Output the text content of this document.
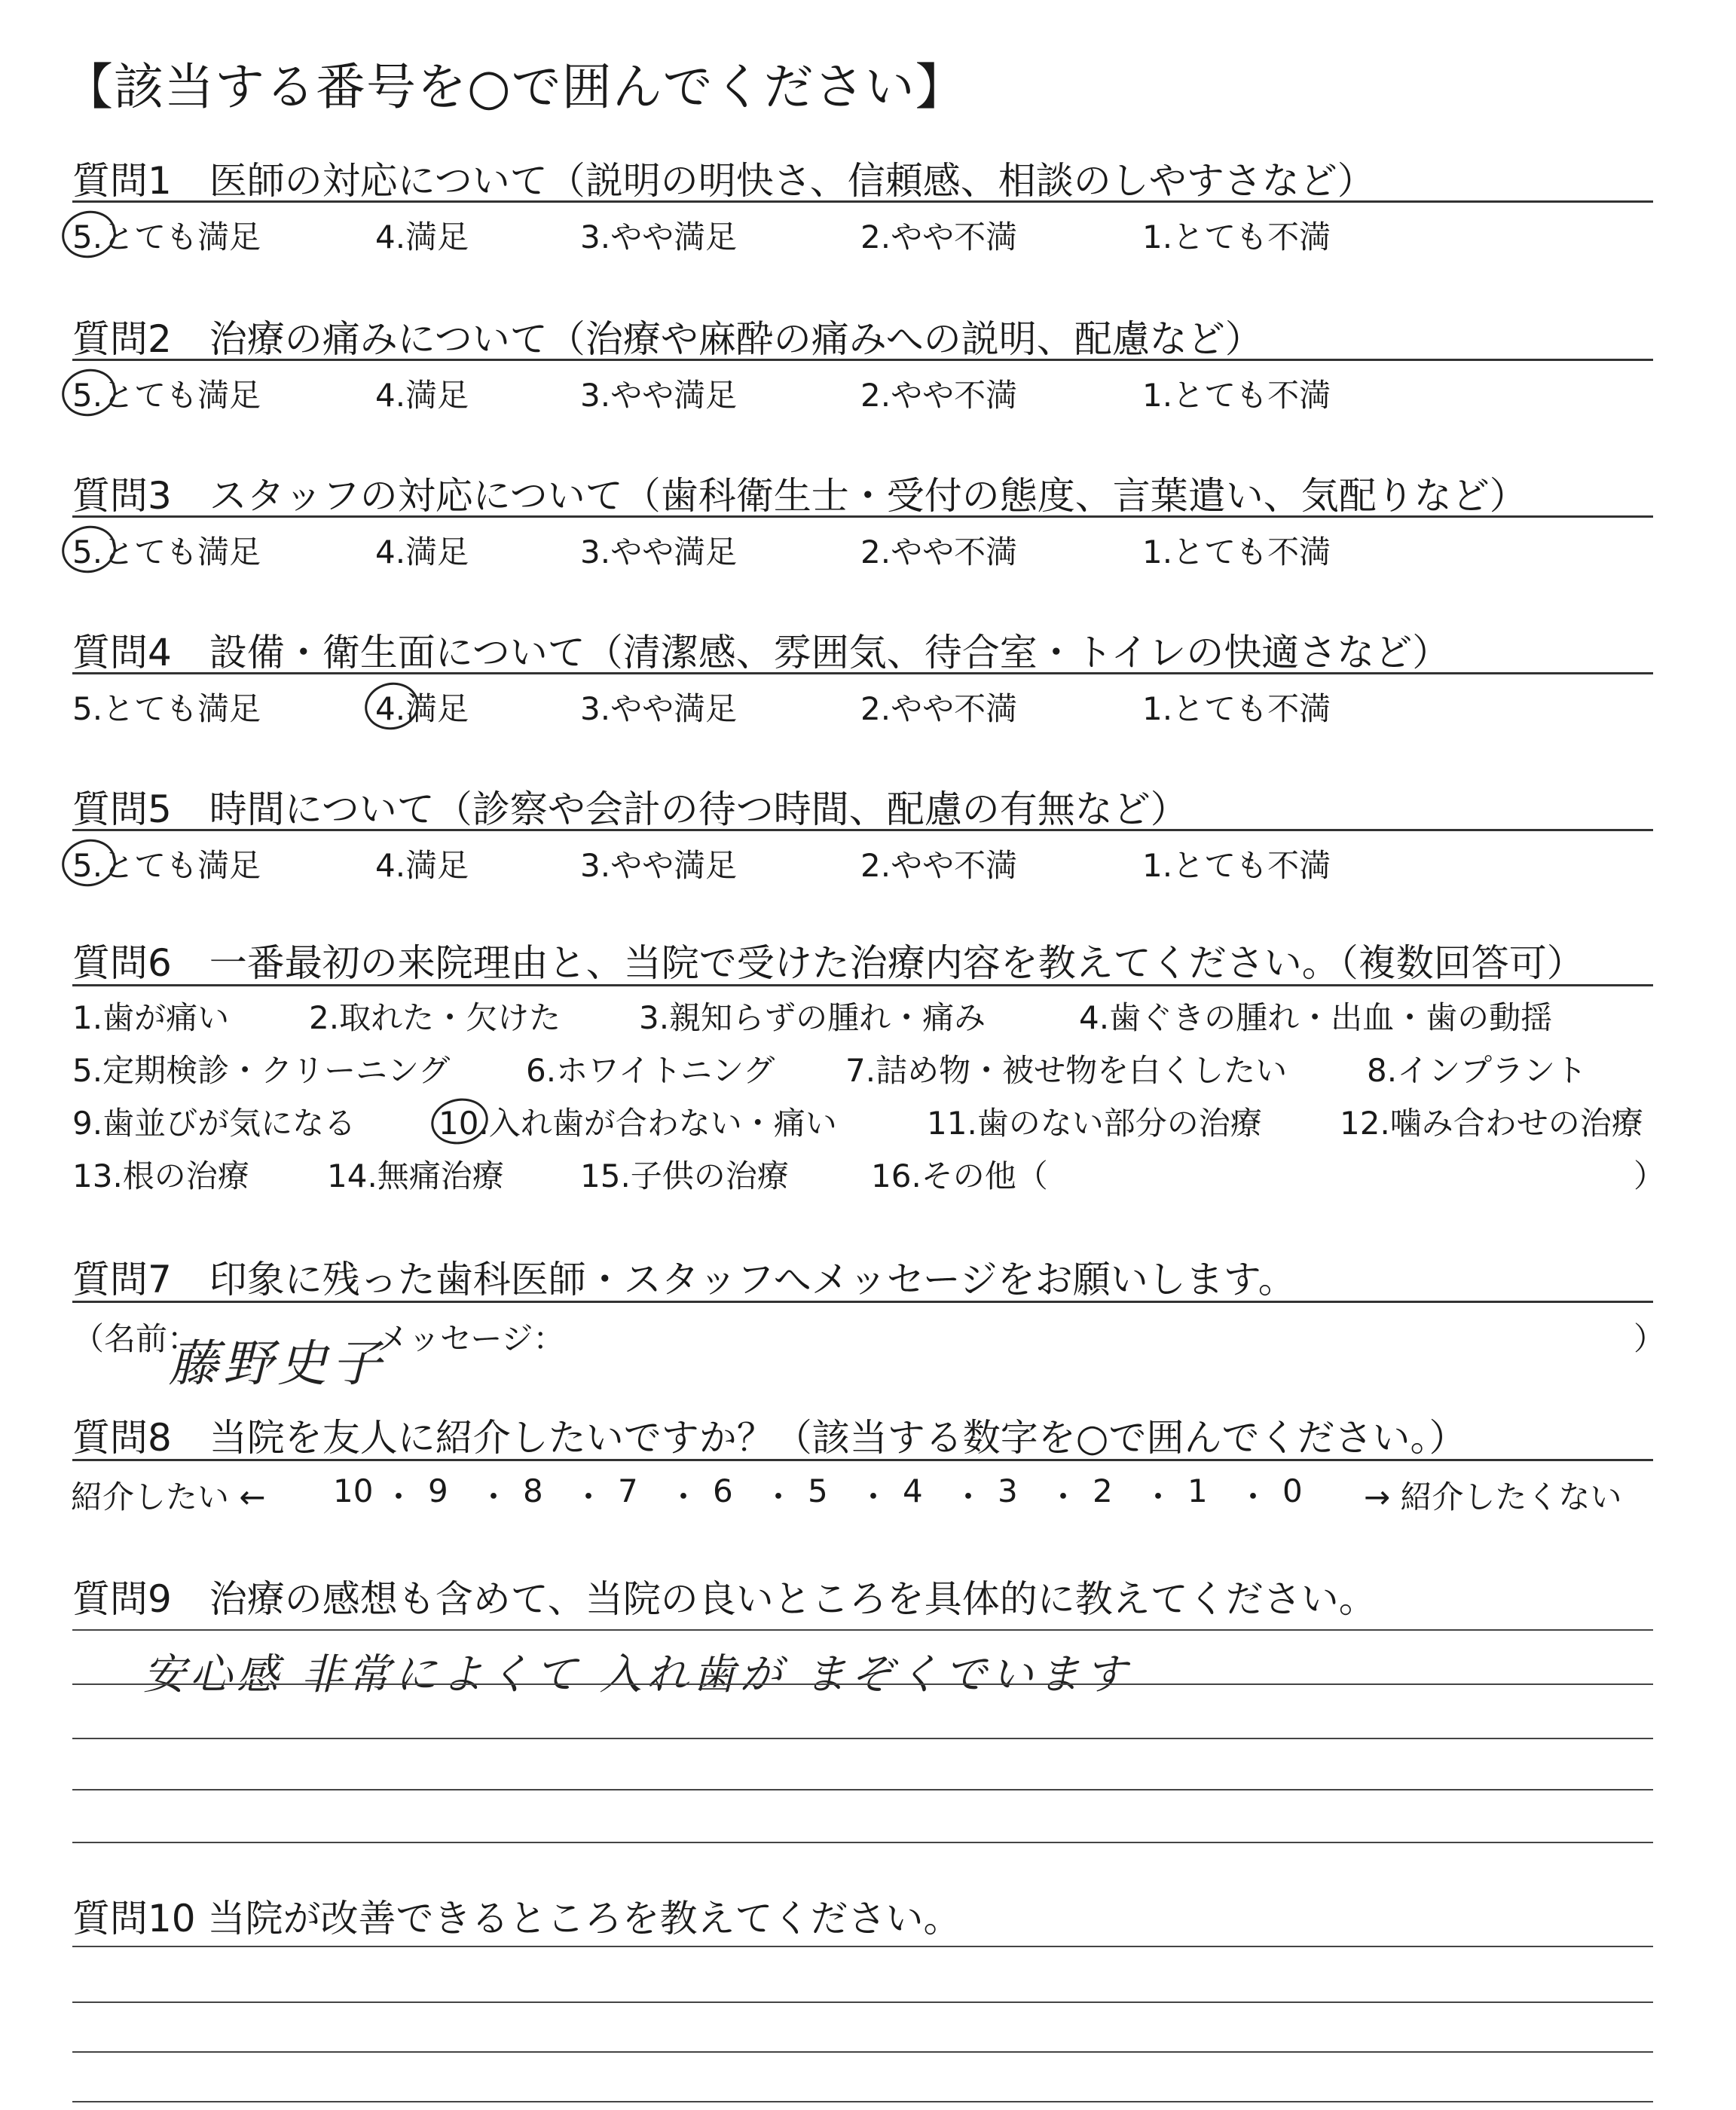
【該当する番号を○で囲んでください】
質問1　医師の対応について（説明の明快さ、信頼感、相談のしやすさなど）
5.とても満足	4.満足	3.やや満足	2.やや不満	1.とても不満
質問2　治療の痛みについて（治療や麻酔の痛みへの説明、配慮など）
5.とても満足	4.満足	3.やや満足	2.やや不満	1.とても不満
質問3　スタッフの対応について（歯科衛生士・受付の態度、言葉遣い、気配りなど）
5.とても満足	4.満足	3.やや満足	2.やや不満	1.とても不満
質問4　設備・衛生面について（清潔感、雰囲気、待合室・トイレの快適さなど）
5.とても満足	4.満足	3.やや満足	2.やや不満	1.とても不満
質問5　時間について（診察や会計の待つ時間、配慮の有無など）
5.とても満足	4.満足	3.やや満足	2.やや不満	1.とても不満
質問6　一番最初の来院理由と、当院で受けた治療内容を教えてください。（複数回答可）
1.歯が痛い	2.取れた・欠けた 3.親知らずの腫れ・痛み	4.歯ぐきの腫れ・出血・歯の動揺
5.定期検診・クリーニング 6.ホワイトニング 7.詰め物・被せ物を白くしたい	8.インプラント
9.歯並びが気になる	10.入れ歯が合わない・痛い	11.歯のない部分の治療 12.噛み合わせの治療
13.根の治療 14.無痛治療 15.子供の治療	16.その他（	）
質問7　印象に残った歯科医師・スタッフへメッセージをお願いします。
（名前：
藤野史子
メッセージ：	）
質問8　当院を友人に紹介したいですか？（該当する数字を○で囲んでください。）
紹介したい ← 10 ・ 9 ・ 8 ・ 7 ・ 6 ・ 5 ・ 4 ・ 3 ・ 2 ・ 1 ・ 0 → 紹介したくない
質問9　治療の感想も含めて、当院の良いところを具体的に教えてください。
安心感 非常によくて 入れ歯が まぞくでいます
質問10 当院が改善できるところを教えてください。
